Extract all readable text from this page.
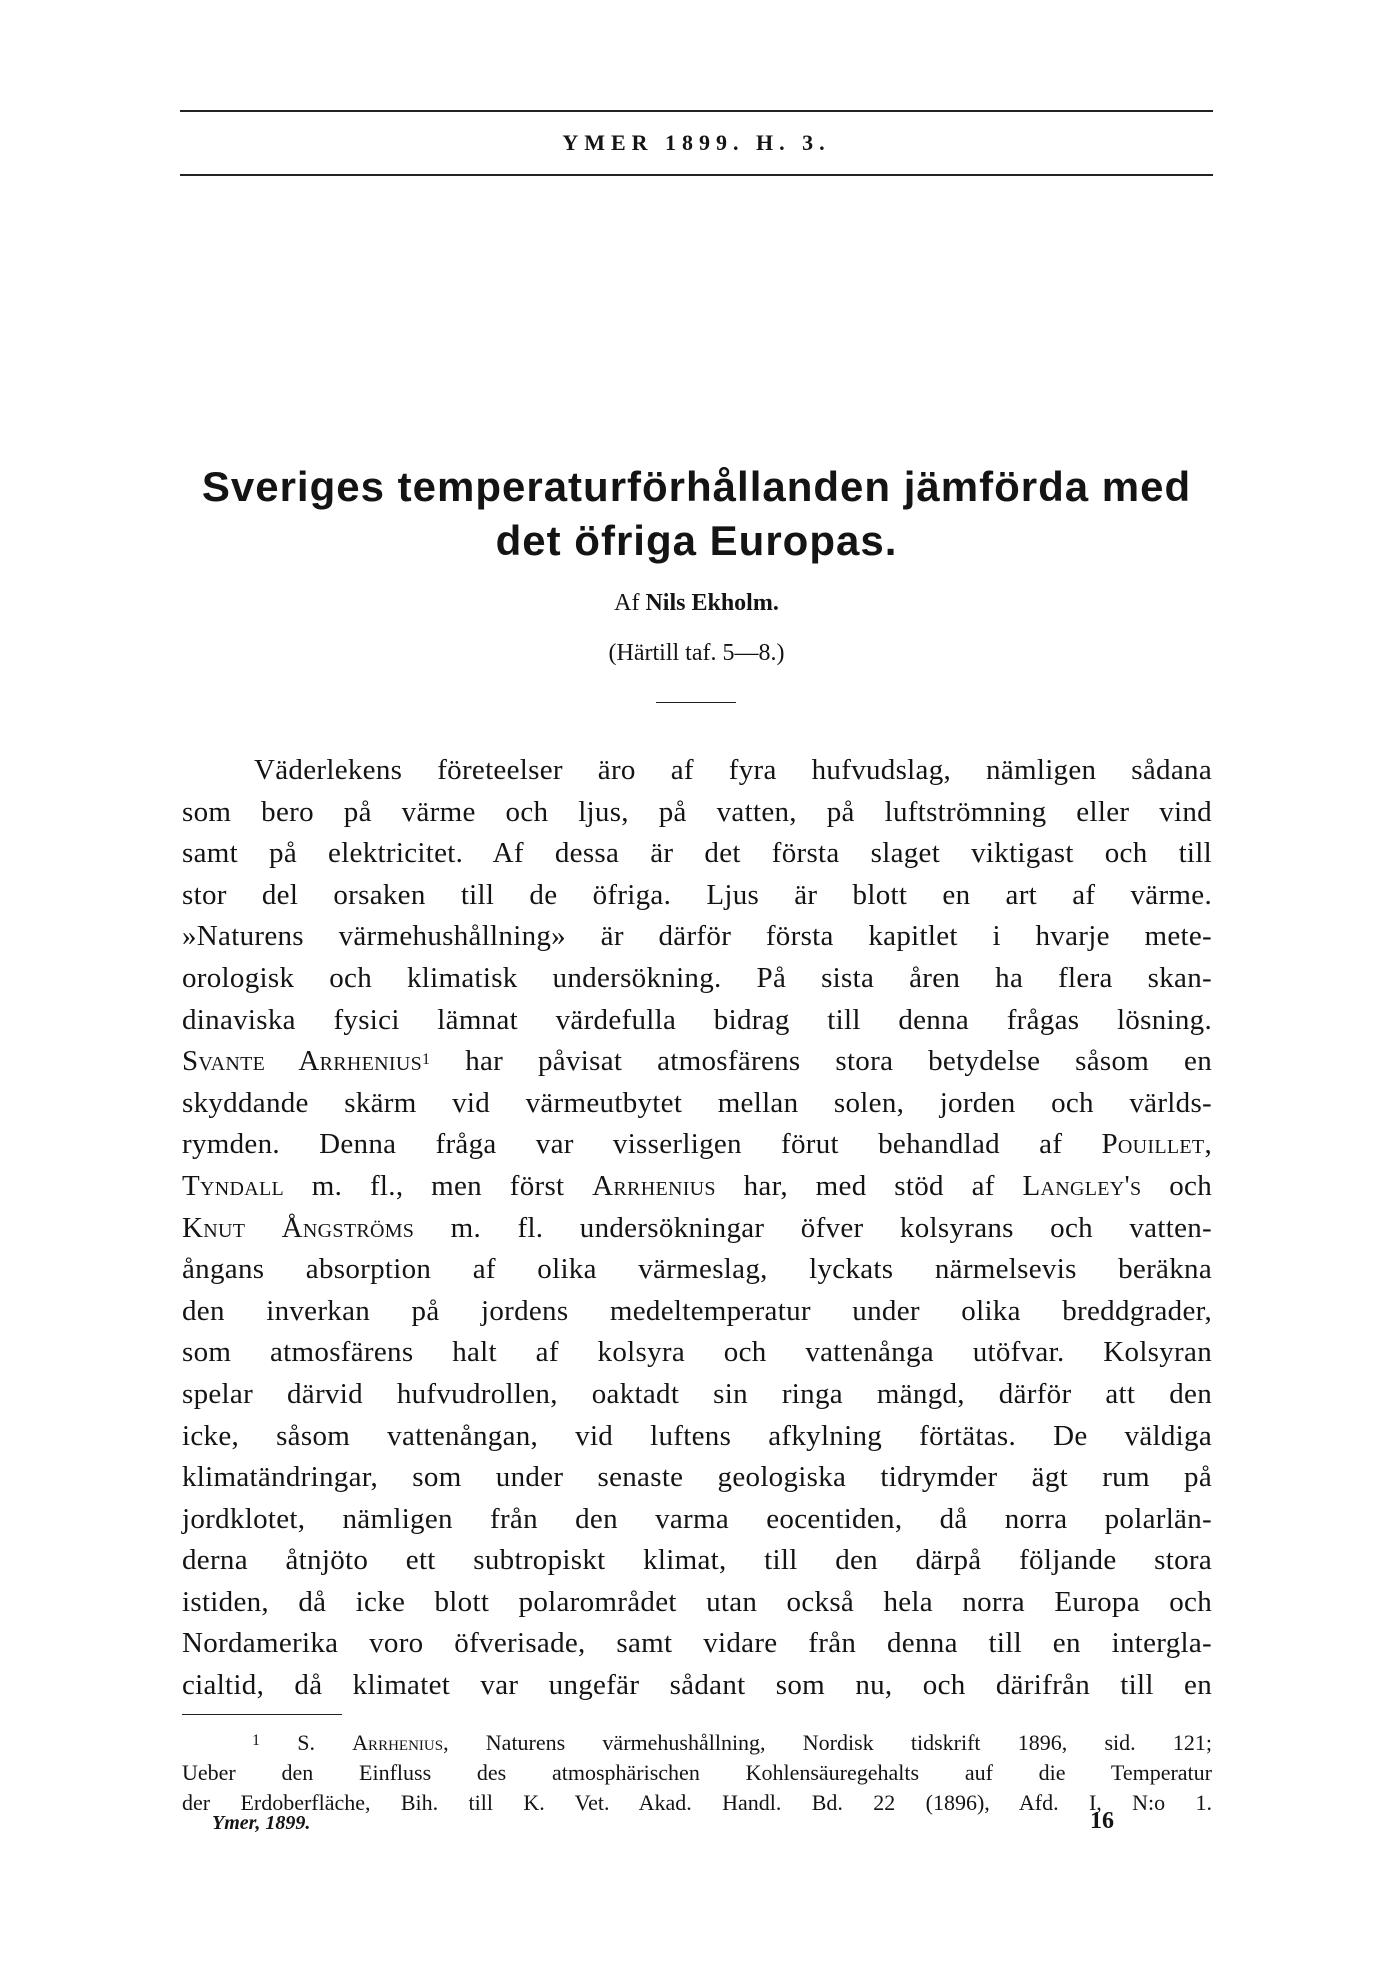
YMER 1899. H. 3.
Sveriges temperaturförhållanden jämförda med
det öfriga Europas.
Af Nils Ekholm.
(Härtill taf. 5—8.)
Väderlekens företeelser äro af fyra hufvudslag, nämligen sådana
som bero på värme och ljus, på vatten, på luftströmning eller vind
samt på elektricitet. Af dessa är det första slaget viktigast och till
stor del orsaken till de öfriga. Ljus är blott en art af värme.
»Naturens värmehushållning» är därför första kapitlet i hvarje mete-
orologisk och klimatisk undersökning. På sista åren ha flera skan-
dinaviska fysici lämnat värdefulla bidrag till denna frågas lösning.
Svante Arrhenius$^1$ har påvisat atmosfärens stora betydelse såsom en
skyddande skärm vid värmeutbytet mellan solen, jorden och världs-
rymden. Denna fråga var visserligen förut behandlad af Pouillet,
Tyndall m. fl., men först Arrhenius har, med stöd af Langley's och
Knut Ångströms m. fl. undersökningar öfver kolsyrans och vatten-
ångans absorption af olika värmeslag, lyckats närmelsevis beräkna
den inverkan på jordens medeltemperatur under olika breddgrader,
som atmosfärens halt af kolsyra och vattenånga utöfvar. Kolsyran
spelar därvid hufvudrollen, oaktadt sin ringa mängd, därför att den
icke, såsom vattenångan, vid luftens afkylning förtätas. De väldiga
klimatändringar, som under senaste geologiska tidrymder ägt rum på
jordklotet, nämligen från den varma eocentiden, då norra polarlän-
derna åtnjöto ett subtropiskt klimat, till den därpå följande stora
istiden, då icke blott polarområdet utan också hela norra Europa och
Nordamerika voro öfverisade, samt vidare från denna till en intergla-
cialtid, då klimatet var ungefär sådant som nu, och därifrån till en
$^1$ S. Arrhenius, Naturens värmehushållning, Nordisk tidskrift 1896, sid. 121;
Ueber den Einfluss des atmosphärischen Kohlensäuregehalts auf die Temperatur
der Erdoberfläche, Bih. till K. Vet. Akad. Handl. Bd. 22 (1896), Afd. I, N:o 1.
Ymer, 1899.	16
